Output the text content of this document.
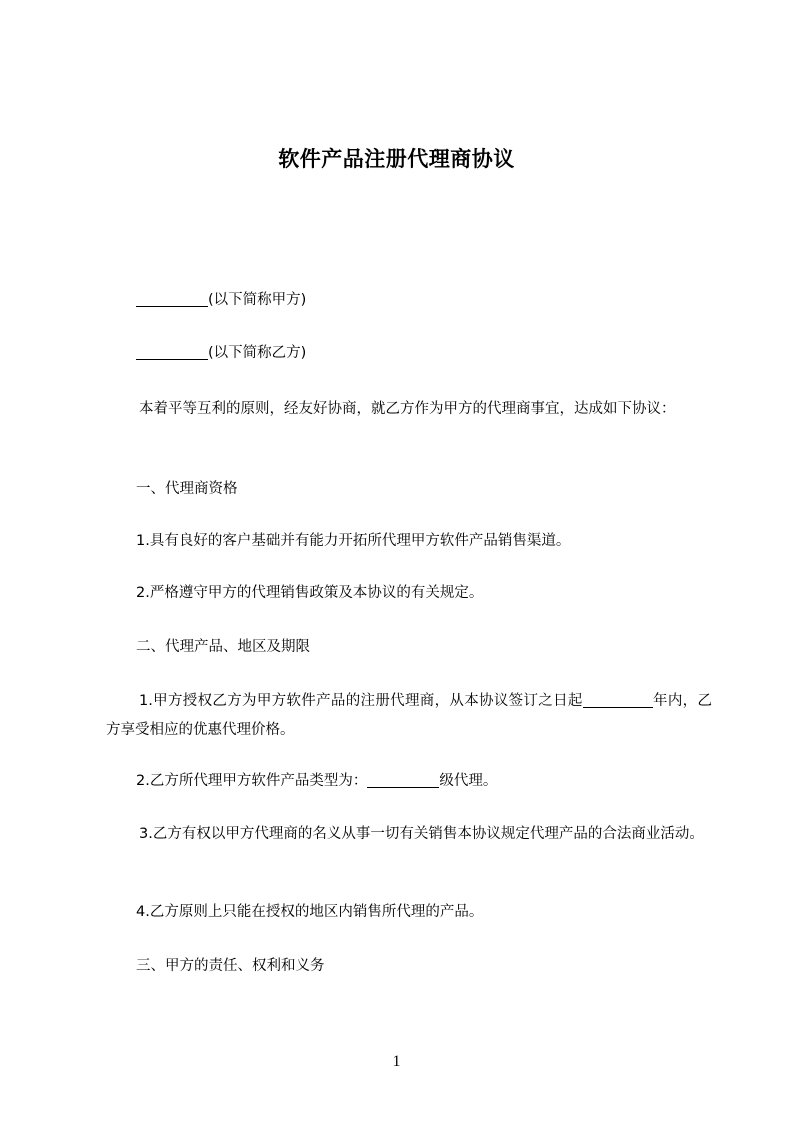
软件产品注册代理商协议
(以下简称甲方)
(以下简称乙方)
本着平等互利的原则，经友好协商，就乙方作为甲方的代理商事宜，达成如下协议：
一、代理商资格
1.具有良好的客户基础并有能力开拓所代理甲方软件产品销售渠道。
2.严格遵守甲方的代理销售政策及本协议的有关规定。
二、代理产品、地区及期限
1.甲方授权乙方为甲方软件产品的注册代理商，从本协议签订之日起	年内，乙方享受相应的优惠代理价格。
2.乙方所代理甲方软件产品类型为：	级代理。
3.乙方有权以甲方代理商的名义从事一切有关销售本协议规定代理产品的合法商业活动。
4.乙方原则上只能在授权的地区内销售所代理的产品。
三、甲方的责任、权利和义务
1
